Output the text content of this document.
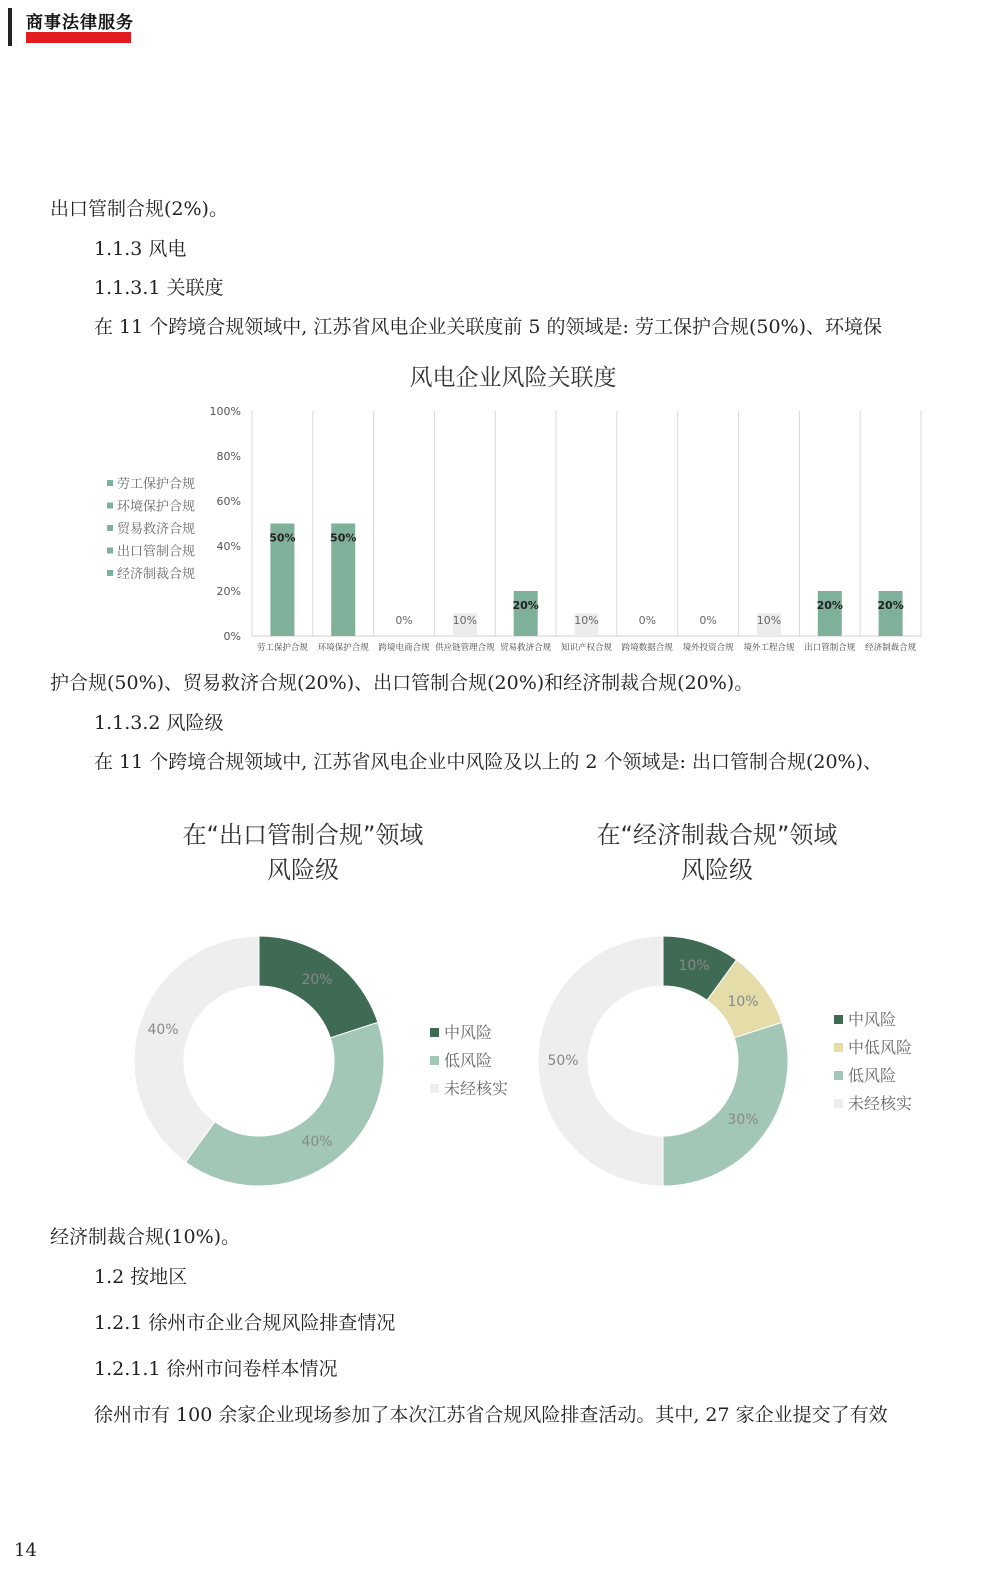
商事法律服务
出口管制合规(2%)。
1.1.3 风电
1.1.3.1 关联度
在 11 个跨境合规领域中, 江苏省风电企业关联度前 5 的领域是: 劳工保护合规(50%)、环境保
风电企业风险关联度
0%
20%
40%
60%
80%
100%
50%	50%
0%	10%
20%
10%	0%	0%	10%
20%	20%
劳工保护合规 环境保护合规 跨境电商合规 供应链管理合规 贸易救济合规 知识产权合规 跨境数据合规 境外投资合规 境外工程合规 出口管制合规 经济制裁合规
劳工保护合规
环境保护合规
贸易救济合规
出口管制合规
经济制裁合规
护合规(50%)、贸易救济合规(20%)、出口管制合规(20%)和经济制裁合规(20%)。
1.1.3.2 风险级
在 11 个跨境合规领域中, 江苏省风电企业中风险及以上的 2 个领域是: 出口管制合规(20%)、
在“出口管制合规”领域
风险级
20%
40%
40%	中风险
低风险
未经核实
在“经济制裁合规”领域
风险级
10%
10%
30%
50%
中风险
中低风险
低风险
未经核实
经济制裁合规(10%)。
1.2 按地区
1.2.1 徐州市企业合规风险排查情况
1.2.1.1 徐州市问卷样本情况
徐州市有 100 余家企业现场参加了本次江苏省合规风险排查活动。其中, 27 家企业提交了有效
14
